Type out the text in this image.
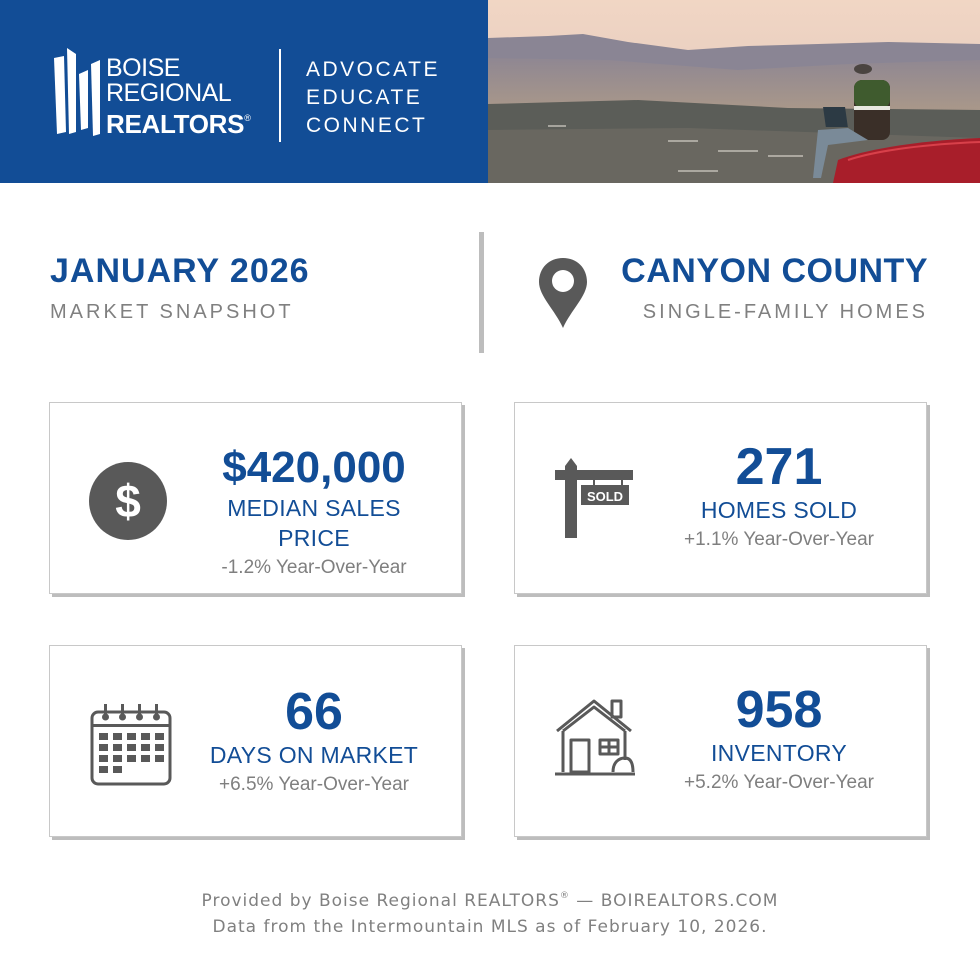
BOISE
REGIONAL
REALTORS®
ADVOCATE
EDUCATE
CONNECT
JANUARY 2026
MARKET SNAPSHOT
CANYON COUNTY
SINGLE-FAMILY HOMES
$
$420,000
MEDIAN SALES PRICE
-1.2% Year-Over-Year
SOLD
271
HOMES SOLD
+1.1% Year-Over-Year
66
DAYS ON MARKET
+6.5% Year-Over-Year
958
INVENTORY
+5.2% Year-Over-Year
Provided by Boise Regional REALTORS® — BOIREALTORS.COM
Data from the Intermountain MLS as of February 10, 2026.
